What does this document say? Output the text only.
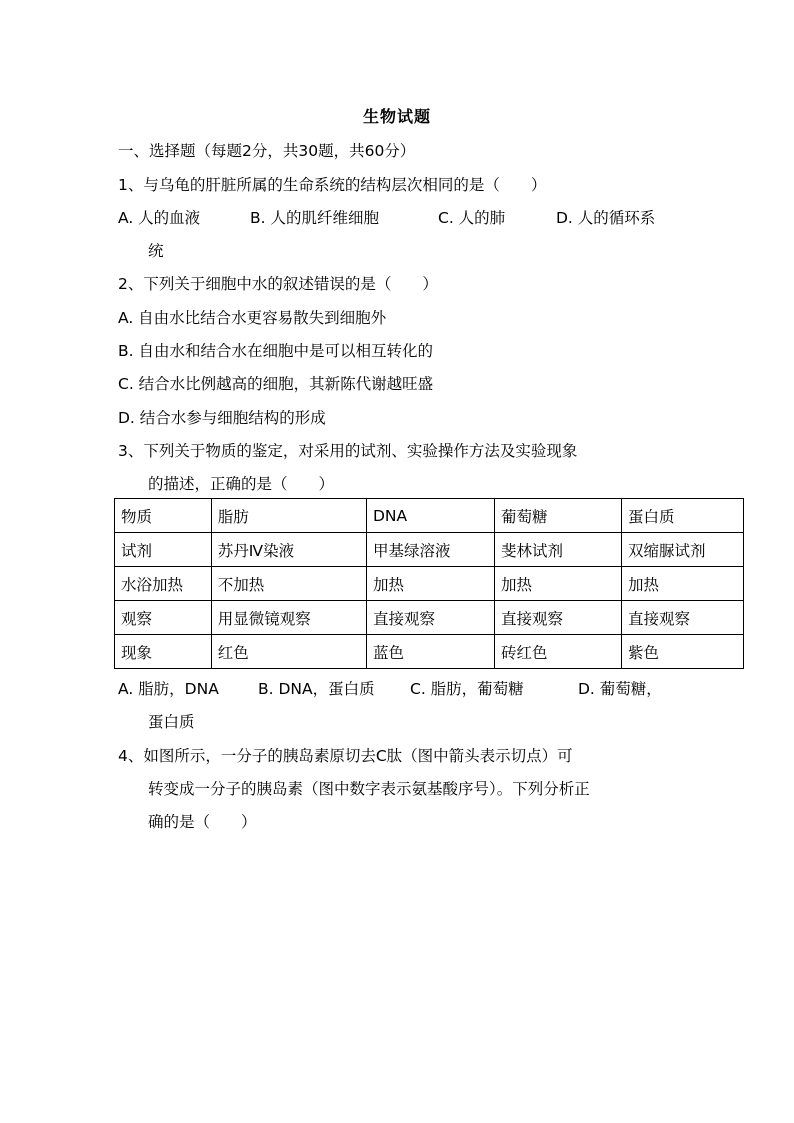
生物试题
一、选择题（每题2分，共30题，共60分）
1、与乌龟的肝脏所属的生命系统的结构层次相同的是（　　）
A. 人的血液	B. 人的肌纤维细胞	C. 人的肺	D. 人的循环系
统
2、下列关于细胞中水的叙述错误的是（　　）
A. 自由水比结合水更容易散失到细胞外
B. 自由水和结合水在细胞中是可以相互转化的
C. 结合水比例越高的细胞，其新陈代谢越旺盛
D. 结合水参与细胞结构的形成
3、下列关于物质的鉴定，对采用的试剂、实验操作方法及实验现象
的描述，正确的是（　　）
物质	脂肪	DNA	葡萄糖	蛋白质
试剂	苏丹Ⅳ染液	甲基绿溶液	斐林试剂	双缩脲试剂
水浴加热	不加热	加热	加热	加热
观察	用显微镜观察	直接观察	直接观察	直接观察
现象	红色	蓝色	砖红色	紫色
A. 脂肪，DNA	B. DNA，蛋白质 C. 脂肪，葡萄糖	D. 葡萄糖，
蛋白质
4、如图所示，一分子的胰岛素原切去C肽（图中箭头表示切点）可
转变成一分子的胰岛素（图中数字表示氨基酸序号）。下列分析正
确的是（　　）
